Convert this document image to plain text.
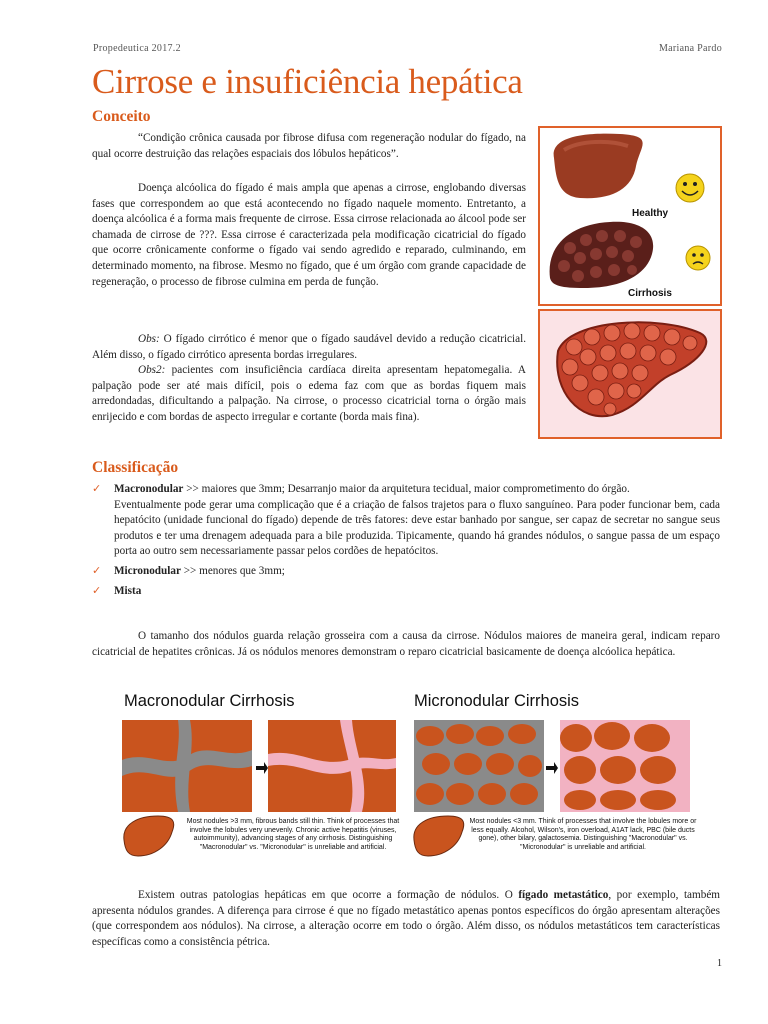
Propedeutica 2017.2	Mariana Pardo
Cirrose e insuficiência hepática
Conceito

“Condição crônica causada por fibrose difusa com regeneração nodular do fígado, na qual ocorre destruição das relações espaciais dos lóbulos hepáticos”.

Doença alcóolica do fígado é mais ampla que apenas a cirrose, englobando diversas fases que correspondem ao que está acontecendo no fígado naquele momento. Entretanto, a doença alcóolica é a forma mais frequente de cirrose. Essa cirrose relacionada ao álcool pode ser chamada de cirrose de ???. Essa cirrose é caracterizada pela modificação cicatricial do fígado que ocorre crônicamente conforme o fígado vai sendo agredido e reparado, culminando, em determinado momento, na fibrose. Mesmo no fígado, que é um órgão com grande capacidade de regeneração, o processo de fibrose culmina em perda de função.

Obs: O fígado cirrótico é menor que o fígado saudável devido a redução cicatricial. Além disso, o fígado cirrótico apresenta bordas irregulares.

Obs2: pacientes com insuficiência cardíaca direita apresentam hepatomegalia. A palpação pode ser até mais difícil, pois o edema faz com que as bordas fiquem mais arredondadas, dificultando a palpação. Na cirrose, o processo cicatricial torna o órgão mais enrijecido e com bordas de aspecto irregular e cortante (borda mais fina).

Healthy
Cirrhosis
Classificação
✓ Macronodular >> maiores que 3mm; Desarranjo maior da arquitetura tecidual, maior comprometimento do órgão.
Eventualmente pode gerar uma complicação que é a criação de falsos trajetos para o fluxo sanguíneo. Para poder funcionar bem, cada hepatócito (unidade funcional do fígado) depende de três fatores: deve estar banhado por sangue, ser capaz de secretar no sangue seus produtos e ter uma drenagem adequada para a bile produzida. Tipicamente, quando há grandes nódulos, o sangue passa de um espaço porta ao outro sem necessariamente passar pelos cordões de hepatócitos.
✓ Micronodular >> menores que 3mm;
✓ Mista

O tamanho dos nódulos guarda relação grosseira com a causa da cirrose. Nódulos maiores de maneira geral, indicam reparo cicatricial de hepatites crônicas. Já os nódulos menores demonstram o reparo cicatricial basicamente de doença alcóolica hepática.

Macronodular Cirrhosis	Micronodular Cirrhosis
Most nodules >3 mm, fibrous bands still thin. Think of processes that involve the lobules very unevenly. Chronic active hepatitis (viruses, autoimmunity), advancing stages of any cirrhosis. Distinguishing "Macronodular" vs. "Micronodular" is unreliable and artificial.
Most nodules <3 mm. Think of processes that involve the lobules more or less equally. Alcohol, Wilson's, iron overload, A1AT lack, PBC (bile ducts gone), other bilary, galactosemia. Distinguishing "Macronodular" vs. "Micronodular" is unreliable and artificial.

Existem outras patologias hepáticas em que ocorre a formação de nódulos. O fígado metastático, por exemplo, também apresenta nódulos grandes. A diferença para cirrose é que no fígado metastático apenas pontos específicos do órgão apresentam alterações (que correspondem aos nódulos). Na cirrose, a alteração ocorre em todo o órgão. Além disso, os nódulos metastáticos tem características específicas como a consistência pétrica.

1
